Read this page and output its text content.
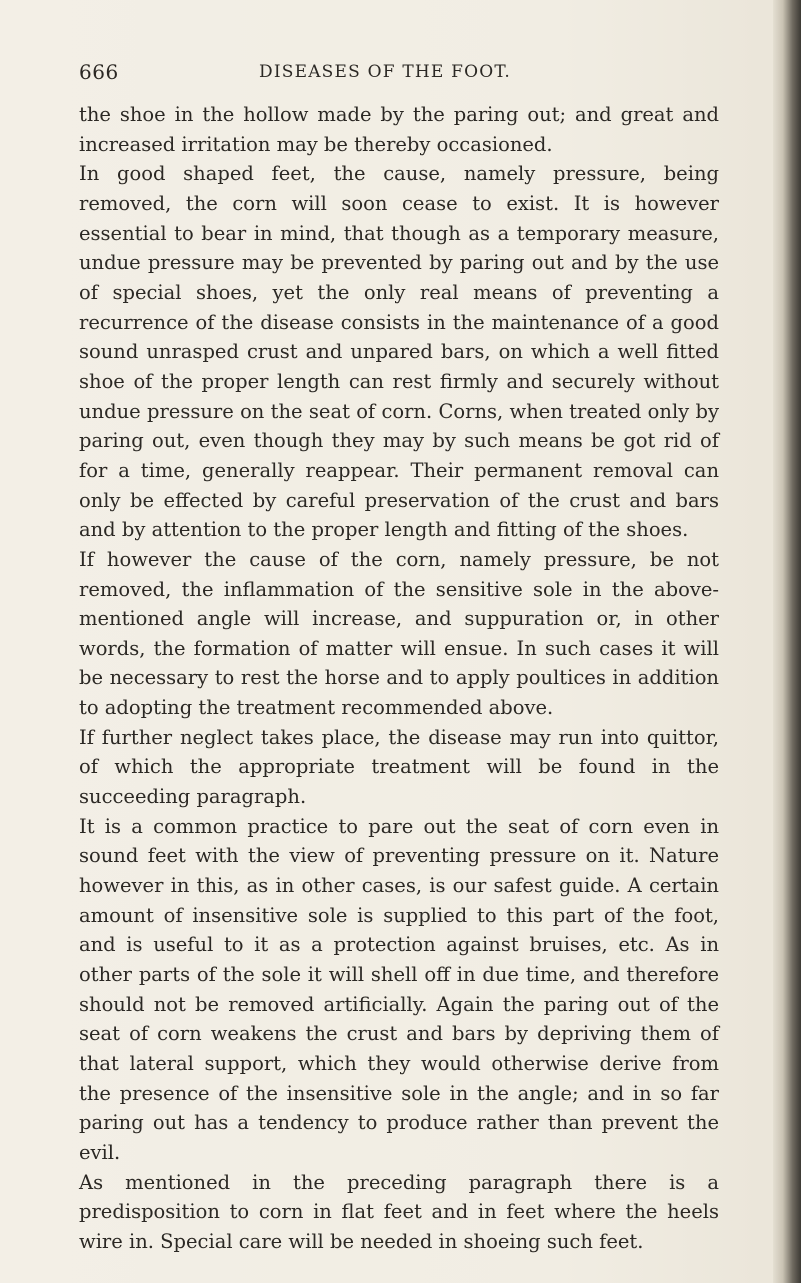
666	DISEASES OF THE FOOT.

the shoe in the hollow made by the paring out; and great and increased irritation may be thereby occasioned.

In good shaped feet, the cause, namely pressure, being removed, the corn will soon cease to exist. It is however essential to bear in mind, that though as a temporary measure, undue pressure may be prevented by paring out and by the use of special shoes, yet the only real means of preventing a recurrence of the disease consists in the maintenance of a good sound unrasped crust and unpared bars, on which a well fitted shoe of the proper length can rest firmly and securely without undue pressure on the seat of corn. Corns, when treated only by paring out, even though they may by such means be got rid of for a time, generally reappear. Their permanent removal can only be effected by careful preservation of the crust and bars and by attention to the proper length and fitting of the shoes.

If however the cause of the corn, namely pressure, be not removed, the inflammation of the sensitive sole in the above-mentioned angle will increase, and suppuration or, in other words, the formation of matter will ensue. In such cases it will be necessary to rest the horse and to apply poultices in addition to adopting the treatment recommended above.

If further neglect takes place, the disease may run into quittor, of which the appropriate treatment will be found in the succeeding paragraph.

It is a common practice to pare out the seat of corn even in sound feet with the view of preventing pressure on it. Nature however in this, as in other cases, is our safest guide. A certain amount of insensitive sole is supplied to this part of the foot, and is useful to it as a protection against bruises, etc. As in other parts of the sole it will shell off in due time, and therefore should not be removed artificially. Again the paring out of the seat of corn weakens the crust and bars by depriving them of that lateral support, which they would otherwise derive from the presence of the insensitive sole in the angle; and in so far paring out has a tendency to produce rather than prevent the evil.

As mentioned in the preceding paragraph there is a predisposition to corn in flat feet and in feet where the heels wire in. Special care will be needed in shoeing such feet.
